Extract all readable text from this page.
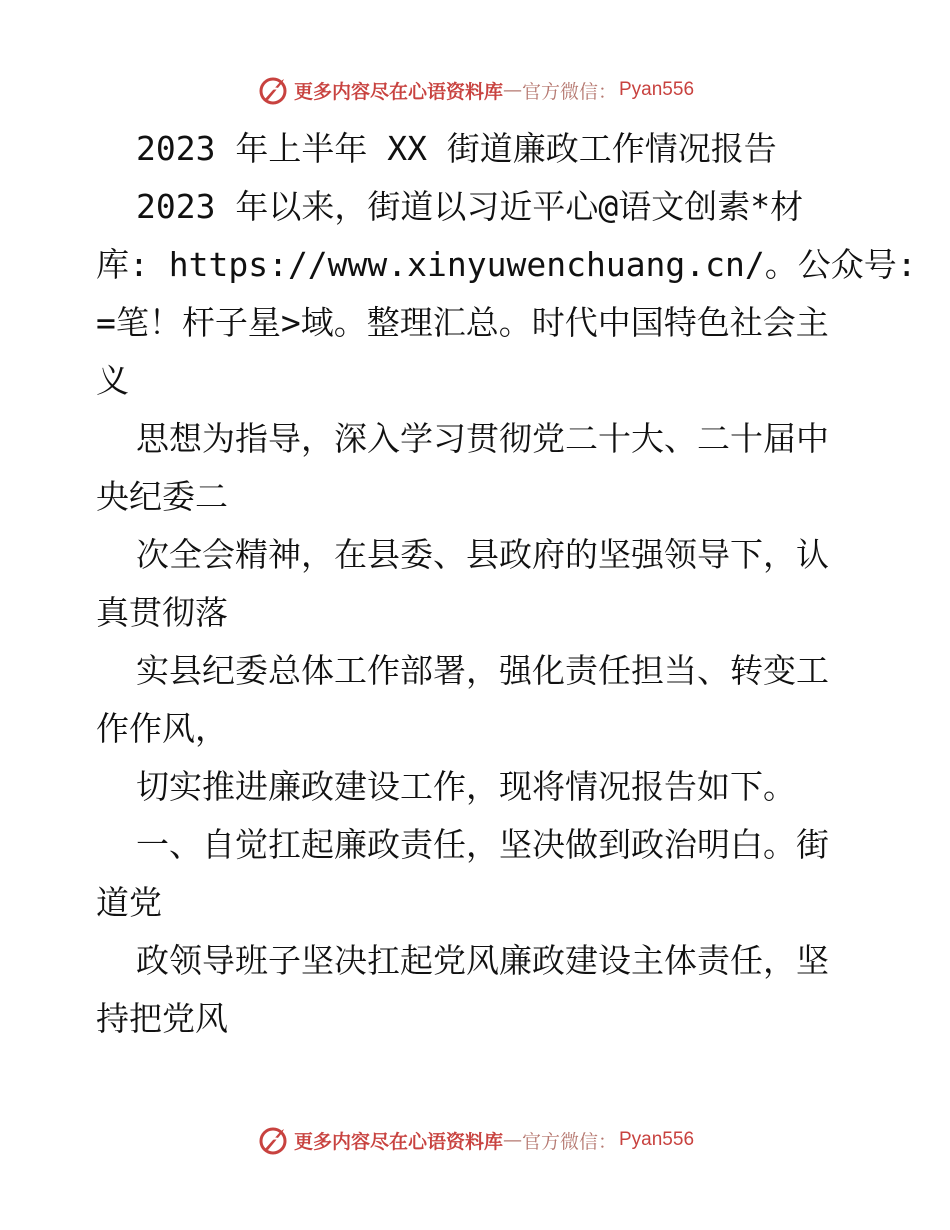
更多内容尽在心语资料库 — 官方微信： Pyan556
2023 年上半年 XX 街道廉政工作情况报告
2023 年以来，街道以习近平心@语文创素*材
库: https://www.xinyuwenchuang.cn/。公众号:
=笔！杆子星>域。整理汇总。时代中国特色社会主
义
思想为指导，深入学习贯彻党二十大、二十届中
央纪委二
次全会精神，在县委、县政府的坚强领导下，认
真贯彻落
实县纪委总体工作部署，强化责任担当、转变工
作作风，
切实推进廉政建设工作，现将情况报告如下。
一、自觉扛起廉政责任，坚决做到政治明白。街
道党
政领导班子坚决扛起党风廉政建设主体责任，坚
持把党风
更多内容尽在心语资料库 — 官方微信： Pyan556
